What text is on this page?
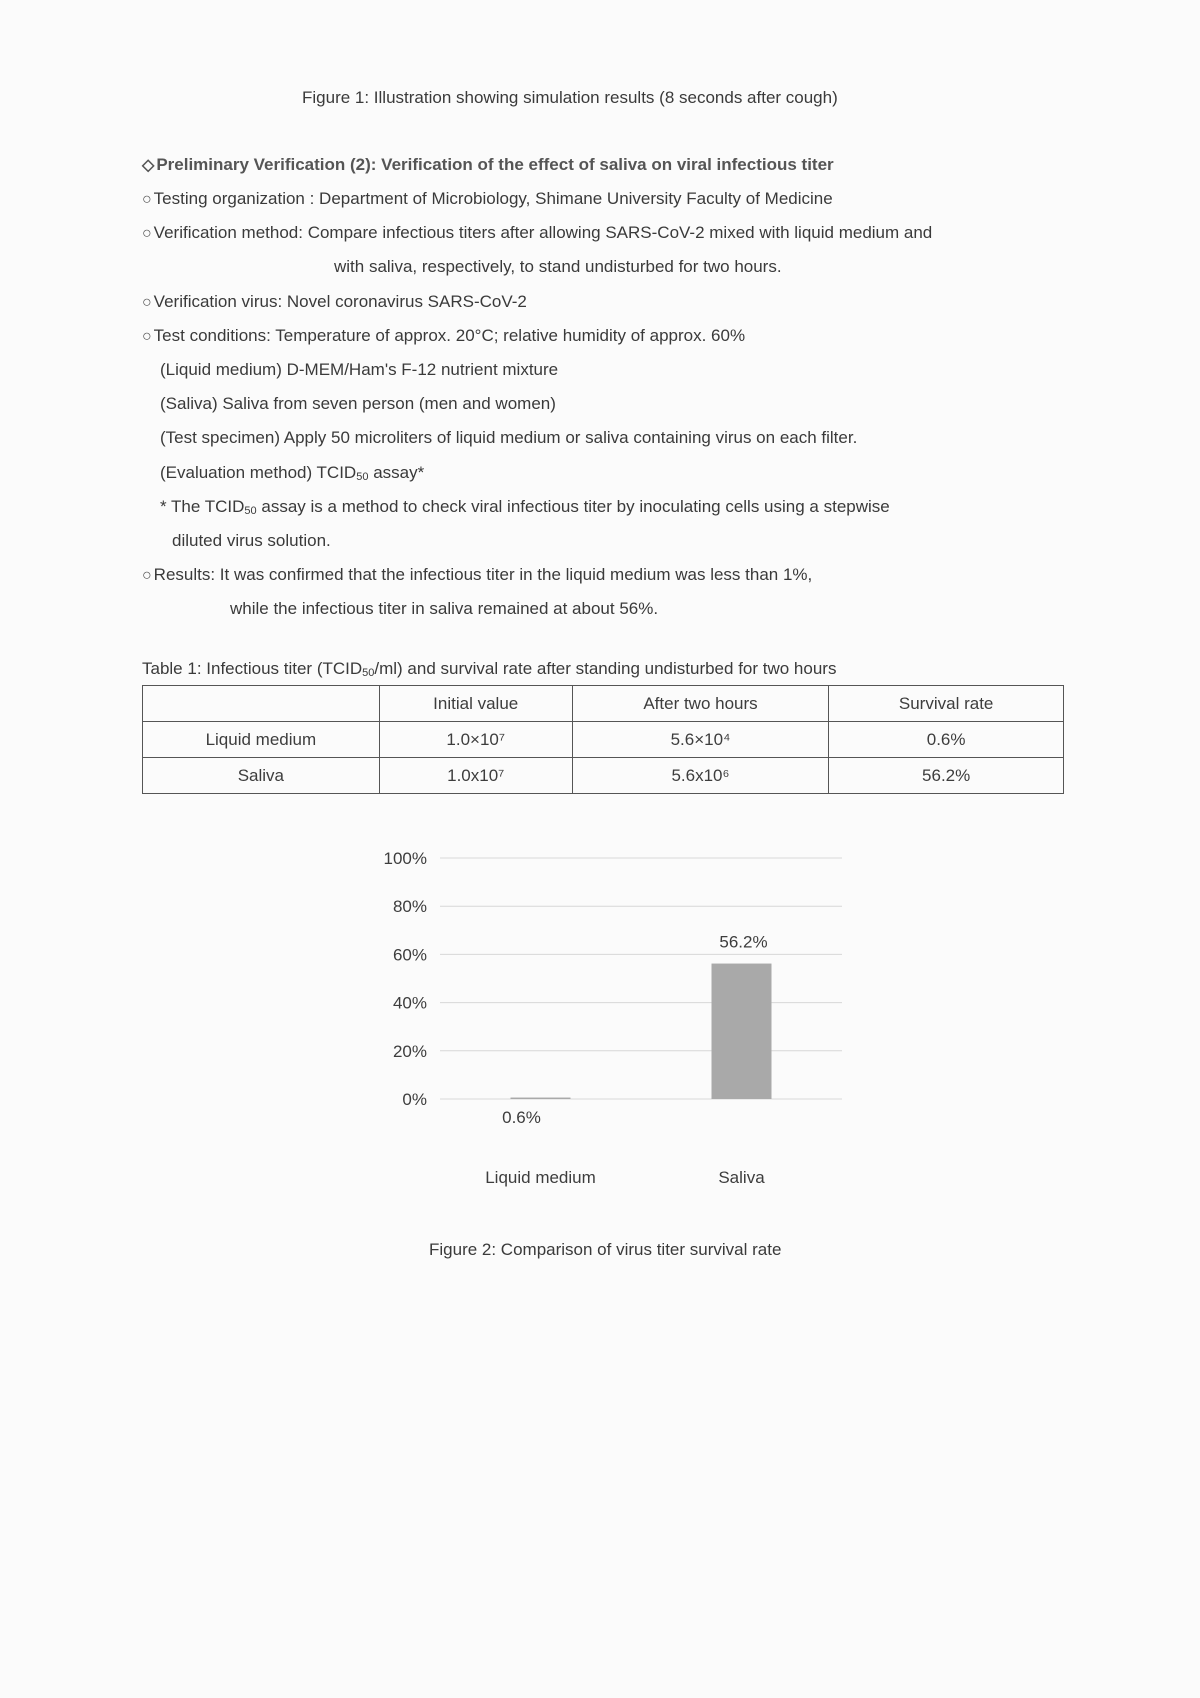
Figure 1: Illustration showing simulation results (8 seconds after cough)
◇ Preliminary Verification (2): Verification of the effect of saliva on viral infectious titer
○ Testing organization : Department of Microbiology, Shimane University Faculty of Medicine
○ Verification method: Compare infectious titers after allowing SARS-CoV-2 mixed with liquid medium and
with saliva, respectively, to stand undisturbed for two hours.
○ Verification virus: Novel coronavirus SARS-CoV-2
○ Test conditions: Temperature of approx. 20°C; relative humidity of approx. 60%
(Liquid medium) D-MEM/Ham's F-12 nutrient mixture
(Saliva) Saliva from seven person (men and women)
(Test specimen) Apply 50 microliters of liquid medium or saliva containing virus on each filter.
(Evaluation method) $TCID_{50}$ assay*
* The $TCID_{50}$ assay is a method to check viral infectious titer by inoculating cells using a stepwise
diluted virus solution.
○ Results: It was confirmed that the infectious titer in the liquid medium was less than 1%,
while the infectious titer in saliva remained at about 56%.
Table 1: Infectious titer $(TCID_{50}/ml)$ and survival rate after standing undisturbed for two hours
	Initial value	After two hours	Survival rate
Liquid medium	1.0×10⁷	5.6×10⁴	0.6%
Saliva	1.0x10⁷	5.6x10⁶	56.2%
0%
20%
40%
60%
80%
100%
0.6%
Liquid medium
56.2%
Saliva
Figure 2: Comparison of virus titer survival rate
